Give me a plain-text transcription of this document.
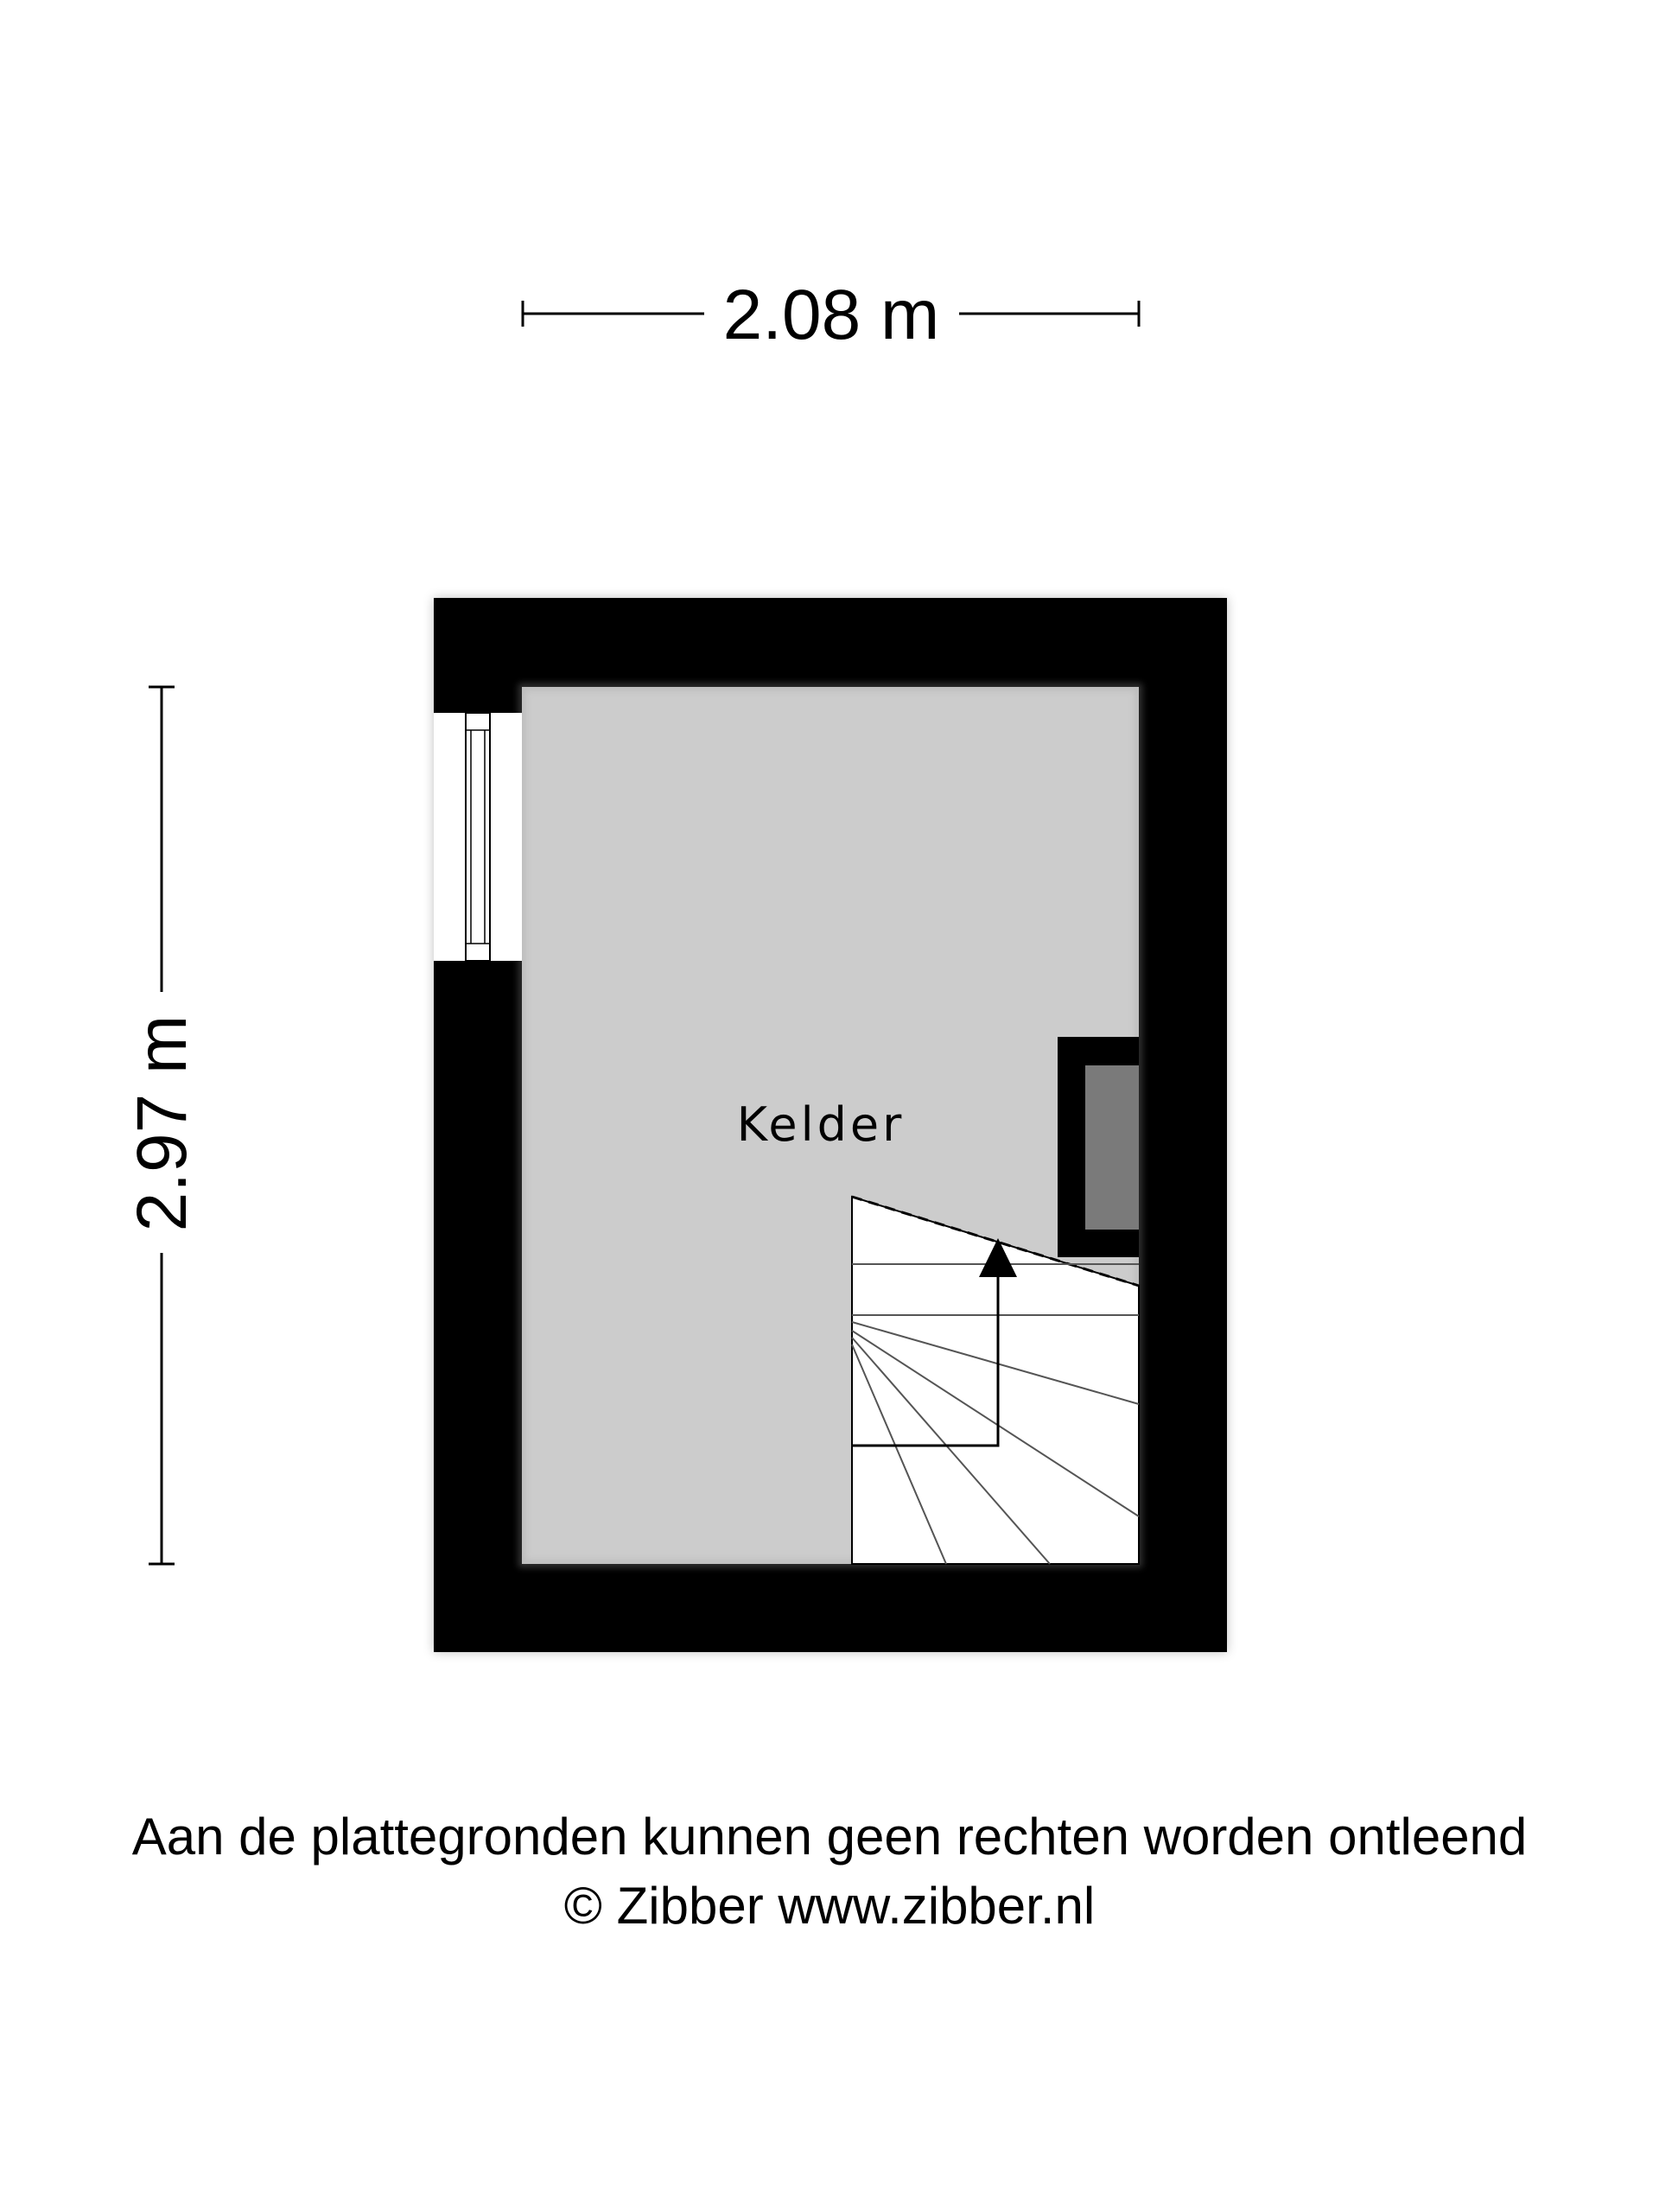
2.08 m
2.97 m	Kelder
Aan de plattegronden kunnen geen rechten worden ontleend
© Zibber www.zibber.nl
